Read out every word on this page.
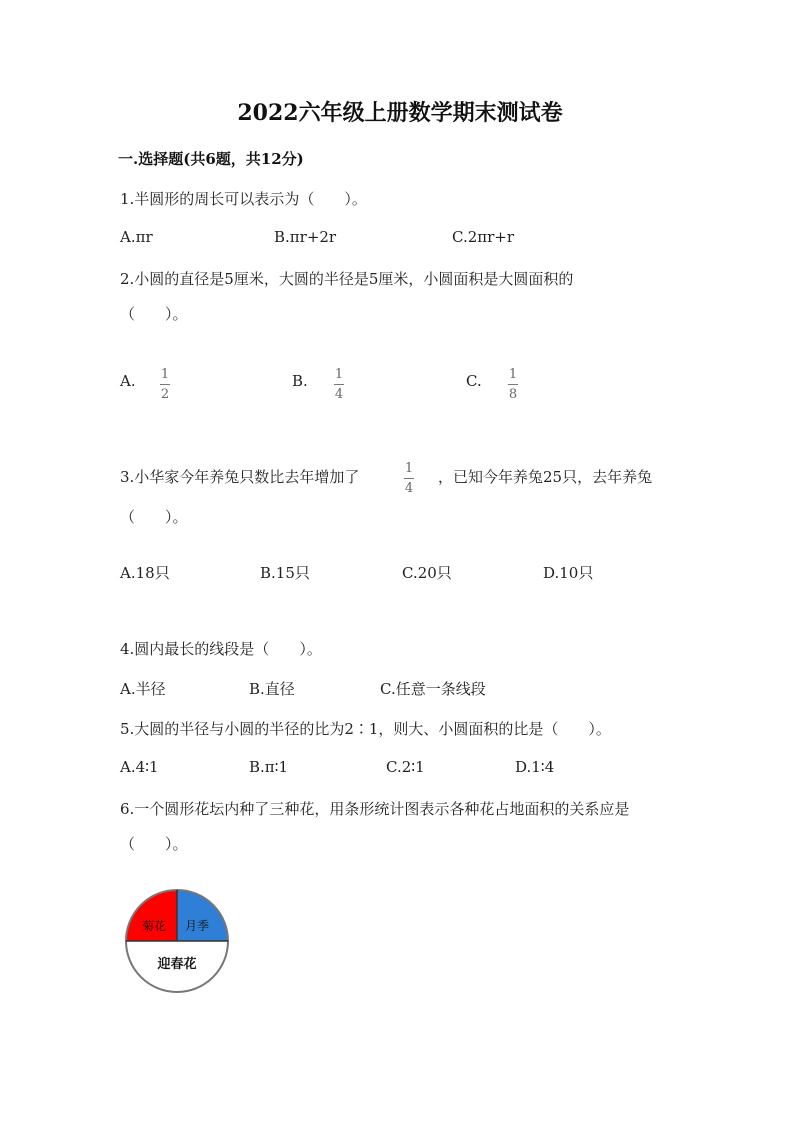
2022六年级上册数学期末测试卷
一.选择题(共6题，共12分)
1.半圆形的周长可以表示为（　　）。
A.πr	B.πr+2r	C.2πr+r
2.小圆的直径是5厘米，大圆的半径是5厘米，小圆面积是大圆面积的
（　　）。
A. 1
2
B. 1
4
C. 1
8
3.小华家今年养兔只数比去年增加了	1
4
，已知今年养兔25只，去年养兔
（　　）。
A.18只	B.15只	C.20只	D.10只
4.圆内最长的线段是（　　）。
A.半径	B.直径	C.任意一条线段
5.大圆的半径与小圆的半径的比为2∶1，则大、小圆面积的比是（　　）。
A.4∶1	B.π∶1	C.2∶1	D.1∶4
6.一个圆形花坛内种了三种花，用条形统计图表示各种花占地面积的关系应是
（　　）。
菊花 月季
迎春花
